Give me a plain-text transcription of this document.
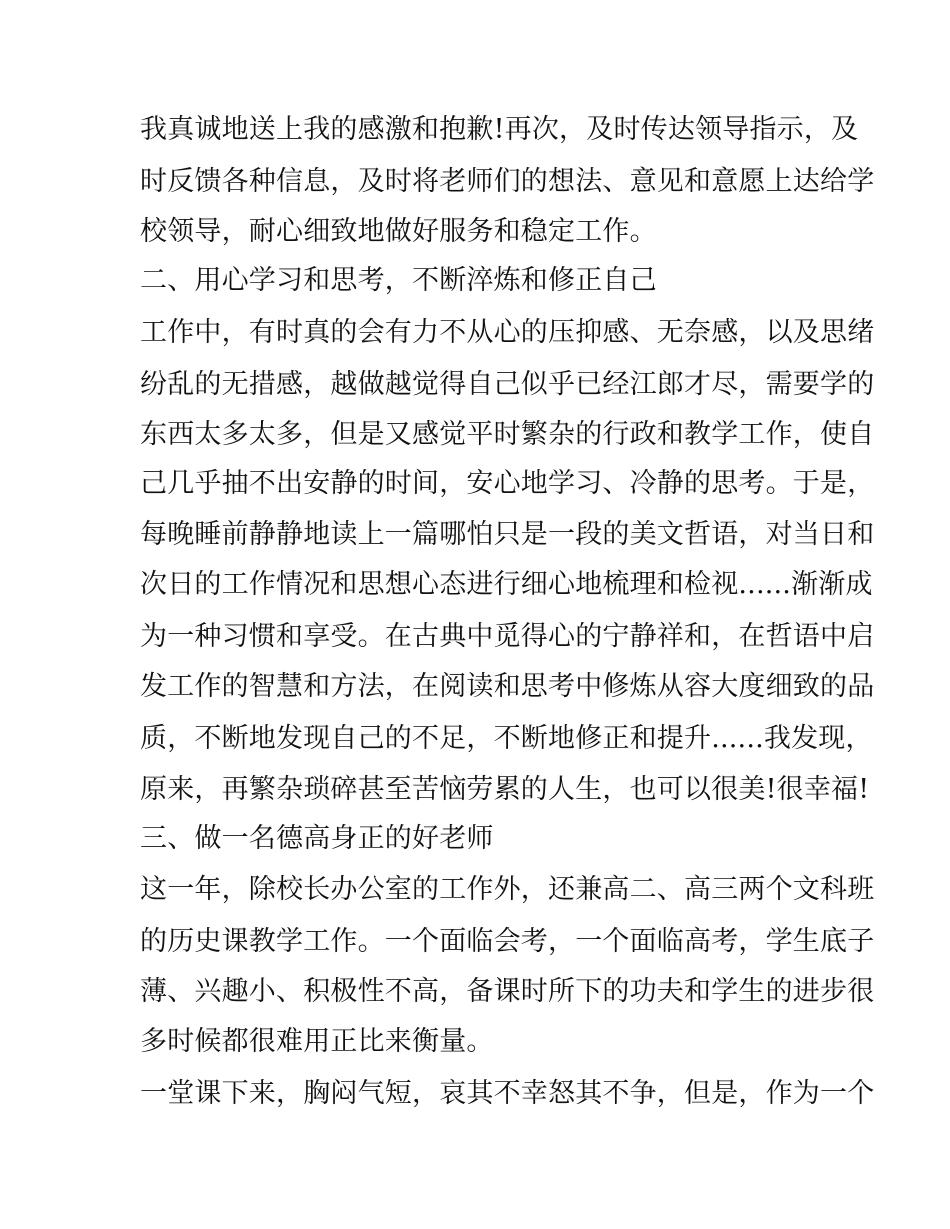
我真诚地送上我的感激和抱歉!再次，及时传达领导指示，及
时反馈各种信息，及时将老师们的想法、意见和意愿上达给学
校领导，耐心细致地做好服务和稳定工作。
二、用心学习和思考，不断淬炼和修正自己
工作中，有时真的会有力不从心的压抑感、无奈感，以及思绪
纷乱的无措感，越做越觉得自己似乎已经江郎才尽，需要学的
东西太多太多，但是又感觉平时繁杂的行政和教学工作，使自
己几乎抽不出安静的时间，安心地学习、冷静的思考。于是，
每晚睡前静静地读上一篇哪怕只是一段的美文哲语，对当日和
次日的工作情况和思想心态进行细心地梳理和检视......渐渐成
为一种习惯和享受。在古典中觅得心的宁静祥和，在哲语中启
发工作的智慧和方法，在阅读和思考中修炼从容大度细致的品
质，不断地发现自己的不足，不断地修正和提升......我发现，
原来，再繁杂琐碎甚至苦恼劳累的人生，也可以很美!很幸福!
三、做一名德高身正的好老师
这一年，除校长办公室的工作外，还兼高二、高三两个文科班
的历史课教学工作。一个面临会考，一个面临高考，学生底子
薄、兴趣小、积极性不高，备课时所下的功夫和学生的进步很
多时候都很难用正比来衡量。
一堂课下来，胸闷气短，哀其不幸怒其不争，但是，作为一个
